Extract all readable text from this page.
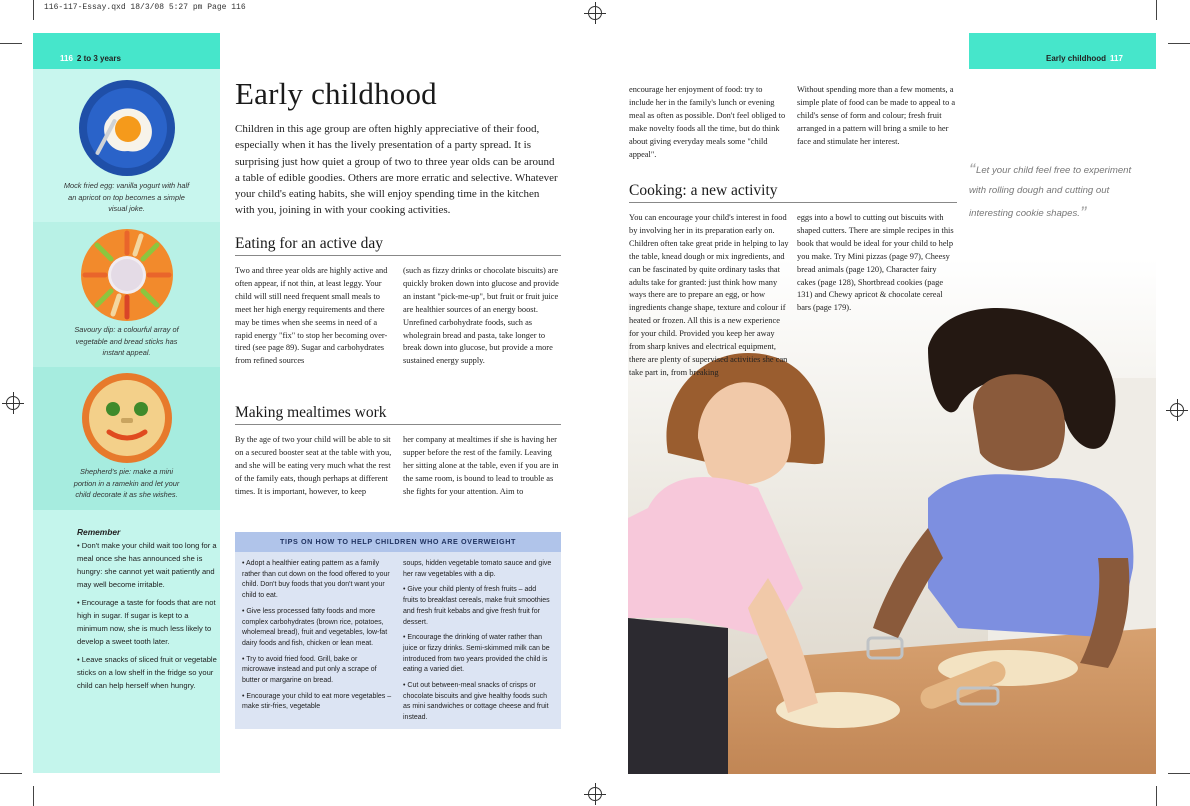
116-117-Essay.qxd 18/3/08 5:27 pm Page 116
116 2 to 3 years
Mock fried egg: vanilla yogurt with half an apricot on top becomes a simple visual joke.
Savoury dip: a colourful array of vegetable and bread sticks has instant appeal.
Shepherd's pie: make a mini portion in a ramekin and let your child decorate it as she wishes.
Remember

• Don't make your child wait too long for a meal once she has announced she is hungry: she cannot yet wait patiently and may well become irritable.

• Encourage a taste for foods that are not high in sugar. If sugar is kept to a minimum now, she is much less likely to develop a sweet tooth later.

• Leave snacks of sliced fruit or vegetable sticks on a low shelf in the fridge so your child can help herself when hungry.

Early childhood

Children in this age group are often highly appreciative of their food, especially when it has the lively presentation of a party spread. It is surprising just how quiet a group of two to three year olds can be around a table of edible goodies. Others are more erratic and selective. Whatever your child's eating habits, she will enjoy spending time in the kitchen with you, joining in with your cooking activities.

Eating for an active day

Two and three year olds are highly active and often appear, if not thin, at least leggy. Your child will still need frequent small meals to meet her high energy requirements and there may be times when she seems in need of a rapid energy "fix" to stop her becoming over-tired (see page 89). Sugar and carbohydrates from refined sources

(such as fizzy drinks or chocolate biscuits) are quickly broken down into glucose and provide an instant "pick-me-up", but fruit or fruit juice are healthier sources of an energy boost. Unrefined carbohydrate foods, such as wholegrain bread and pasta, take longer to break down into glucose, but provide a more sustained energy supply.

Making mealtimes work

By the age of two your child will be able to sit on a secured booster seat at the table with you, and she will be eating very much what the rest of the family eats, though perhaps at different times. It is important, however, to keep

her company at mealtimes if she is having her supper before the rest of the family. Leaving her sitting alone at the table, even if you are in the same room, is bound to lead to trouble as she fights for your attention. Aim to

TIPS ON HOW TO HELP CHILDREN WHO ARE OVERWEIGHT

• Adopt a healthier eating pattern as a family rather than cut down on the food offered to your child. Don't buy foods that you don't want your child to eat.

• Give less processed fatty foods and more complex carbohydrates (brown rice, potatoes, wholemeal bread), fruit and vegetables, low-fat dairy foods and fish, chicken or lean meat.

• Try to avoid fried food. Grill, bake or microwave instead and put only a scrape of butter or margarine on bread.

• Encourage your child to eat more vegetables – make stir-fries, vegetable

soups, hidden vegetable tomato sauce and give her raw vegetables with a dip.

• Give your child plenty of fresh fruits – add fruits to breakfast cereals, make fruit smoothies and fresh fruit kebabs and give fresh fruit for dessert.

• Encourage the drinking of water rather than juice or fizzy drinks. Semi-skimmed milk can be introduced from two years provided the child is eating a varied diet.

• Cut out between-meal snacks of crisps or chocolate biscuits and give healthy foods such as mini sandwiches or cottage cheese and fruit instead.

Early childhood 117

encourage her enjoyment of food: try to include her in the family's lunch or evening meal as often as possible. Don't feel obliged to make novelty foods all the time, but do think about giving everyday meals some "child appeal".

Without spending more than a few moments, a simple plate of food can be made to appeal to a child's sense of form and colour; fresh fruit arranged in a pattern will bring a smile to her face and stimulate her interest.

Cooking: a new activity

You can encourage your child's interest in food by involving her in its preparation early on. Children often take great pride in helping to lay the table, knead dough or mix ingredients, and can be fascinated by quite ordinary tasks that adults take for granted: just think how many ways there are to prepare an egg, or how ingredients change shape, texture and colour if heated or frozen. All this is a new experience for your child. Provided you keep her away from sharp knives and electrical equipment, there are plenty of supervised activities she can take part in, from breaking

eggs into a bowl to cutting out biscuits with shaped cutters. There are simple recipes in this book that would be ideal for your child to help you make. Try Mini pizzas (page 97), Cheesy bread animals (page 120), Character fairy cakes (page 128), Shortbread cookies (page 131) and Chewy apricot & chocolate cereal bars (page 179).

“Let your child feel free to experiment with rolling dough and cutting out interesting cookie shapes.”
